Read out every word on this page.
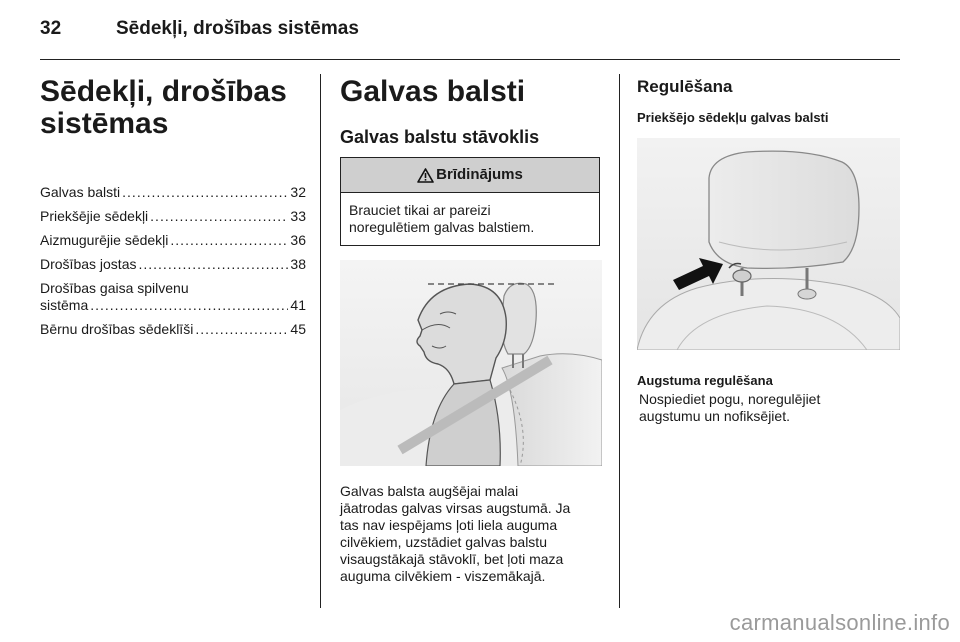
32	Sēdekļi, drošības sistēmas
Sēdekļi, drošības
sistēmas
Galvas balsti .....	32
Priekšējie sēdekļi .....	33
Aizmugurējie sēdekļi .....	36
Drošības jostas .....	38
Drošības gaisa spilvenu
sistēma .....	41
Bērnu drošības sēdeklīši .....	45
Galvas balsti
Galvas balstu stāvoklis
Brīdinājums
Brauciet tikai ar pareizi
noregulētiem galvas balstiem.
Galvas balsta augšējai malai
jāatrodas galvas virsas augstumā. Ja
tas nav iespējams ļoti liela auguma
cilvēkiem, uzstādiet galvas balstu
visaugstākajā stāvoklī, bet ļoti maza
auguma cilvēkiem - viszemākajā.
Regulēšana
Priekšējo sēdekļu galvas balsti
Augstuma regulēšana
Nospiediet pogu, noregulējiet
augstumu un nofiksējiet.
carmanualsonline.info
